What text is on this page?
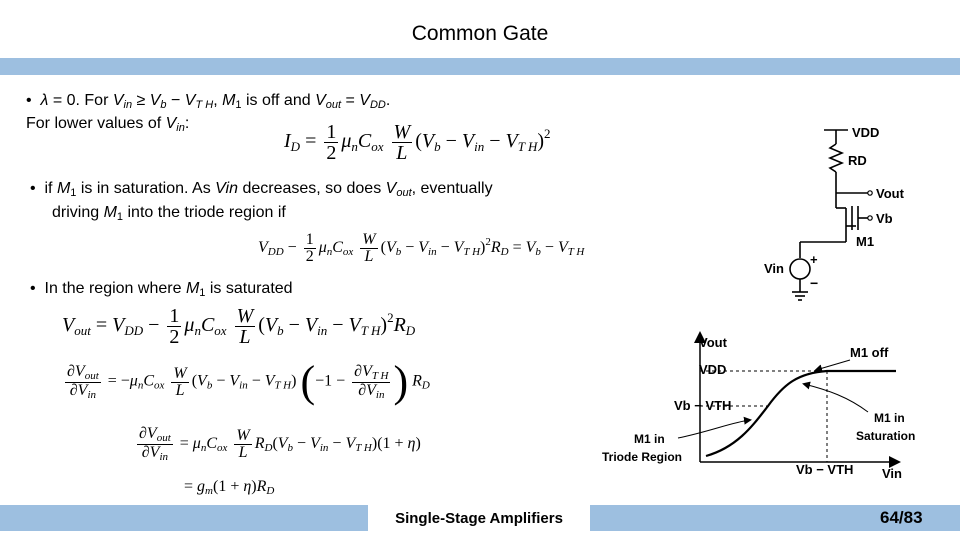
Common Gate
• λ = 0. For $V_{in} \ge V_b - V_{T H}$, $M_1$ is off and $V_{out} = V_{DD}$.
For lower values of $V_{in}$:
$I_D = \frac{1}{2} \mu_nC_{ox} \frac{W}{L} (V_b - V_{in} - V_{T H})^2$
• if $M_1$ is in saturation. As Vin decreases, so does $V_{out}$, eventually
driving $M_1$ into the triode region if
$V_{DD} - \frac{1}{2} \mu_nC_{ox} \frac{W}{L} (V_b - V_{in} - V_{T H})^2R_D = V_b - V_{T H}$
• In the region where $M_1$ is saturated
$V_{out} = V_{DD} - \frac{1}{2} \mu_nC_{ox} \frac{W}{L} (V_b - V_{in} - V_{T H})^2R_D$
$\frac{\partial V_{out}}{\partial V_{in}} = -\mu_nC_{ox} \frac{W}{L} (V_b - V_{in} - V_{T H}) (-1 - \frac{\partial V_{T H}}{\partial V_{in}}$ ) $R_D$
$\frac{\partial V_{out}}{\partial V_{in}} = \mu_nC_{ox} \frac{W}{L} R_D(V_b - V_{in} - V_{T H})(1 + \eta)$
= $g_m(1 + \eta)R_D$
VDD
RD
Vout
Vb
M1
Vin
+
−
Vout
VDD
Vb − VTH
M1 off
M1 in
Saturation
M1 in
Triode Region
Vb − VTH Vin
Single-Stage Amplifiers	64/83
